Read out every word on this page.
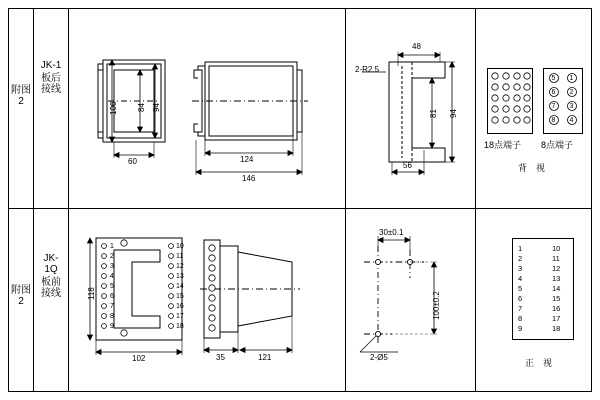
附图2
JK-1
板后接线
附图2
JK-1Q
板前接线
106 84 94
60	124
146
2-R2.5
48
81 94
56
5 1
6 2
7 3
8 4
18点端子 8点端子
背　视
118
102
1
2
3
4
5
6
7
8
9
10
11
12
13
14
15
16
17
18
35	121
30±0.1
100±0.2
2-Ø5
1
2
3
4
5
6
7
8
9
10
11
12
13
14
15
16
17
18
正　视
